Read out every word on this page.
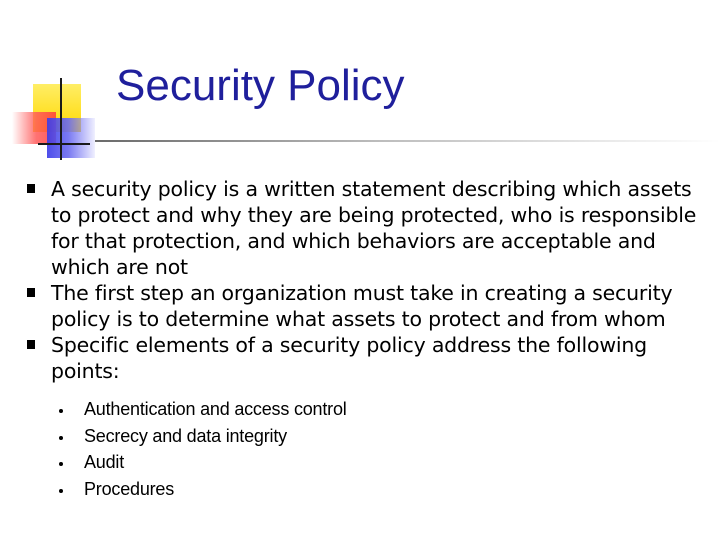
Security Policy
A security policy is a written statement describing which assets to protect and why they are being protected, who is responsible for that protection, and which behaviors are acceptable and which are not
The first step an organization must take in creating a security policy is to determine what assets to protect and from whom
Specific elements of a security policy address the following points:
Authentication and access control
Secrecy and data integrity
Audit
Procedures
